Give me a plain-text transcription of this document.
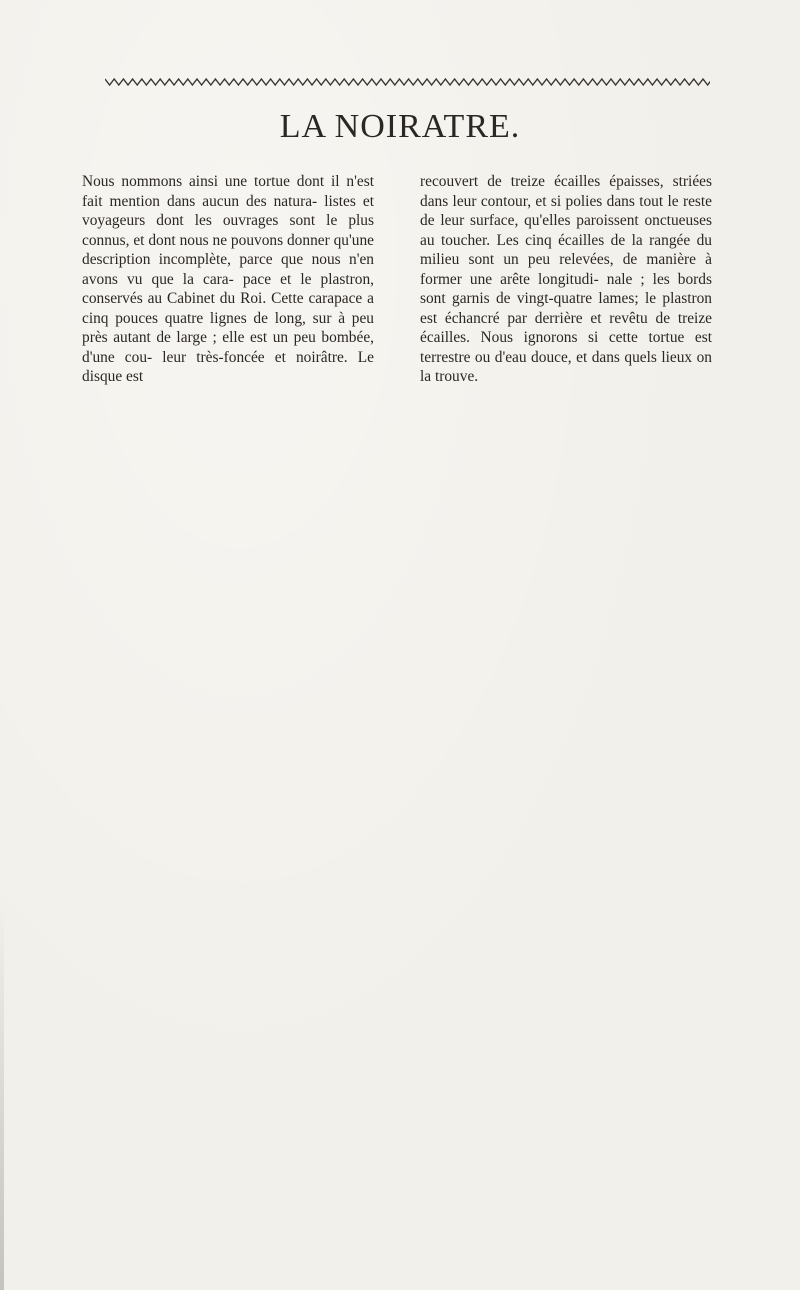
LA NOIRATRE.

Nous nommons ainsi une tortue dont il n'est fait mention dans aucun des natura- listes et voyageurs dont les ouvrages sont le plus connus, et dont nous ne pouvons donner qu'une description incomplète, parce que nous n'en avons vu que la cara- pace et le plastron, conservés au Cabinet du Roi. Cette carapace a cinq pouces quatre lignes de long, sur à peu près autant de large ; elle est un peu bombée, d'une cou- leur très-foncée et noirâtre. Le disque est

recouvert de treize écailles épaisses, striées dans leur contour, et si polies dans tout le reste de leur surface, qu'elles paroissent onctueuses au toucher. Les cinq écailles de la rangée du milieu sont un peu relevées, de manière à former une arête longitudi- nale ; les bords sont garnis de vingt-quatre lames; le plastron est échancré par derrière et revêtu de treize écailles. Nous ignorons si cette tortue est terrestre ou d'eau douce, et dans quels lieux on la trouve.
